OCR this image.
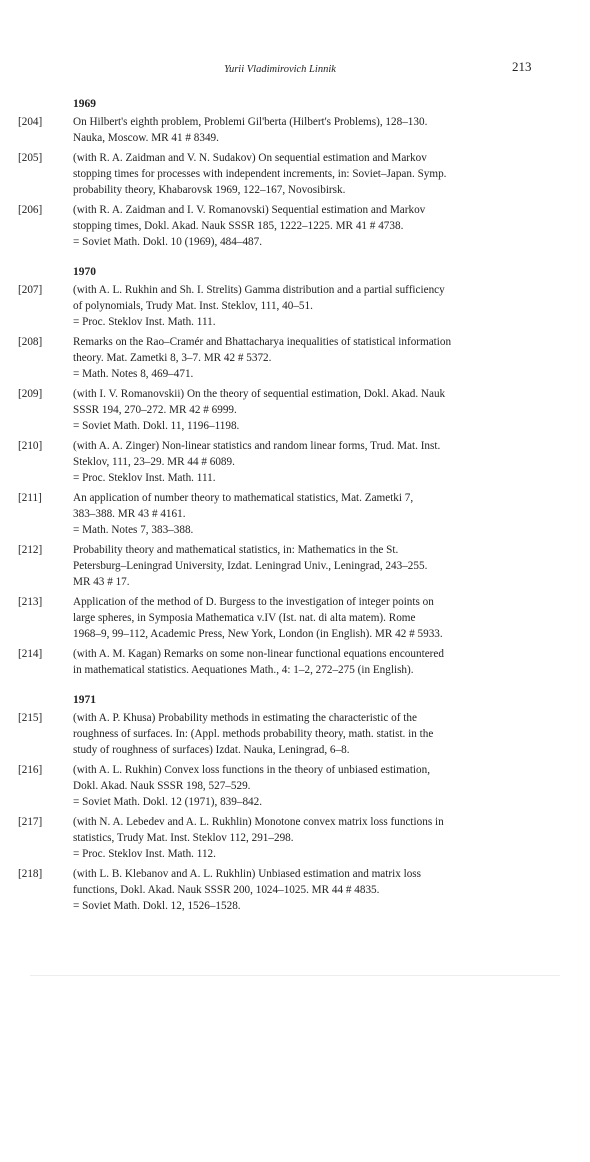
Yurii Vladimirovich Linnik	213
1969
[204]	On Hilbert's eighth problem, Problemi Gil'berta (Hilbert's Problems), 128–130.
Nauka, Moscow. MR 41 # 8349.
[205]	(with R. A. Zaidman and V. N. Sudakov) On sequential estimation and Markov
stopping times for processes with independent increments, in: Soviet–Japan. Symp.
probability theory, Khabarovsk 1969, 122–167, Novosibirsk.
[206]	(with R. A. Zaidman and I. V. Romanovski) Sequential estimation and Markov
stopping times, Dokl. Akad. Nauk SSSR 185, 1222–1225. MR 41 # 4738.
= Soviet Math. Dokl. 10 (1969), 484–487.
1970
[207]	(with A. L. Rukhin and Sh. I. Strelits) Gamma distribution and a partial sufficiency
of polynomials, Trudy Mat. Inst. Steklov, 111, 40–51.
= Proc. Steklov Inst. Math. 111.
[208]	Remarks on the Rao–Cramér and Bhattacharya inequalities of statistical information
theory. Mat. Zametki 8, 3–7. MR 42 # 5372.
= Math. Notes 8, 469–471.
[209]	(with I. V. Romanovskii) On the theory of sequential estimation, Dokl. Akad. Nauk
SSSR 194, 270–272. MR 42 # 6999.
= Soviet Math. Dokl. 11, 1196–1198.
[210]	(with A. A. Zinger) Non-linear statistics and random linear forms, Trud. Mat. Inst.
Steklov, 111, 23–29. MR 44 # 6089.
= Proc. Steklov Inst. Math. 111.
[211]	An application of number theory to mathematical statistics, Mat. Zametki 7,
383–388. MR 43 # 4161.
= Math. Notes 7, 383–388.
[212]	Probability theory and mathematical statistics, in: Mathematics in the St.
Petersburg–Leningrad University, Izdat. Leningrad Univ., Leningrad, 243–255.
MR 43 # 17.
[213]	Application of the method of D. Burgess to the investigation of integer points on
large spheres, in Symposia Mathematica v.IV (Ist. nat. di alta matem). Rome
1968–9, 99–112, Academic Press, New York, London (in English). MR 42 # 5933.
[214]	(with A. M. Kagan) Remarks on some non-linear functional equations encountered
in mathematical statistics. Aequationes Math., 4: 1–2, 272–275 (in English).
1971
[215]	(with A. P. Khusa) Probability methods in estimating the characteristic of the
roughness of surfaces. In: (Appl. methods probability theory, math. statist. in the
study of roughness of surfaces) Izdat. Nauka, Leningrad, 6–8.
[216]	(with A. L. Rukhin) Convex loss functions in the theory of unbiased estimation,
Dokl. Akad. Nauk SSSR 198, 527–529.
= Soviet Math. Dokl. 12 (1971), 839–842.
[217]	(with N. A. Lebedev and A. L. Rukhlin) Monotone convex matrix loss functions in
statistics, Trudy Mat. Inst. Steklov 112, 291–298.
= Proc. Steklov Inst. Math. 112.
[218]	(with L. B. Klebanov and A. L. Rukhlin) Unbiased estimation and matrix loss
functions, Dokl. Akad. Nauk SSSR 200, 1024–1025. MR 44 # 4835.
= Soviet Math. Dokl. 12, 1526–1528.
